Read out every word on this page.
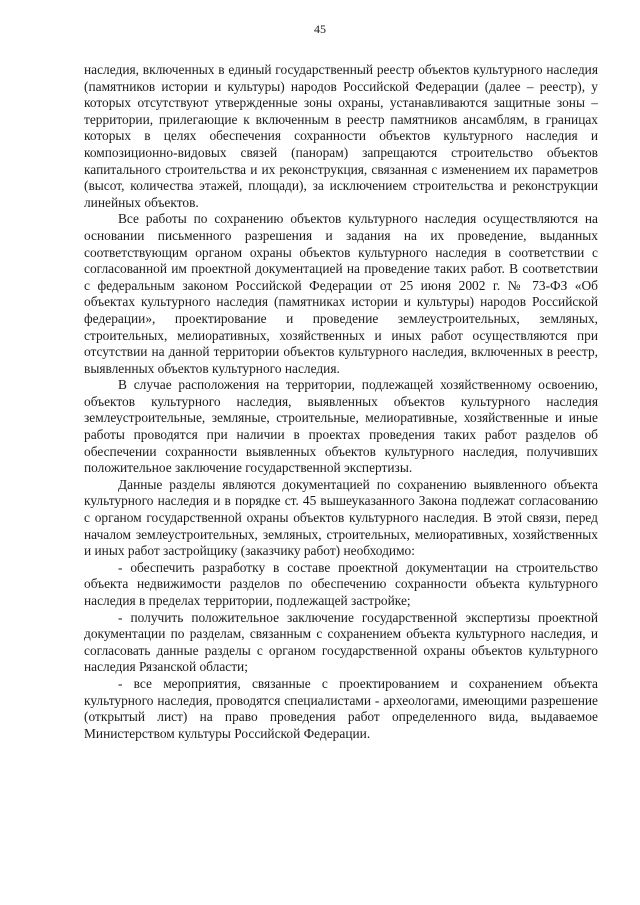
45

наследия, включенных в единый государственный реестр объектов культурного наследия (памятников истории и культуры) народов Российской Федерации (далее – реестр), у которых отсутствуют утвержденные зоны охраны, устанавливаются защитные зоны – территории, прилегающие к включенным в реестр памятников ансамблям, в границах которых в целях обеспечения сохранности объектов культурного наследия и композиционно-видовых связей (панорам) запрещаются строительство объектов капитального строительства и их реконструкция, связанная с изменением их параметров (высот, количества этажей, площади), за исключением строительства и реконструкции линейных объектов.

Все работы по сохранению объектов культурного наследия осуществляются на основании письменного разрешения и задания на их проведение, выданных соответствующим органом охраны объектов культурного наследия в соответствии с согласованной им проектной документацией на проведение таких работ. В соответствии с федеральным законом Российской Федерации от 25 июня 2002 г. № 73-ФЗ «Об объектах культурного наследия (памятниках истории и культуры) народов Российской федерации», проектирование и проведение землеустроительных, земляных, строительных, мелиоративных, хозяйственных и иных работ осуществляются при отсутствии на данной территории объектов культурного наследия, включенных в реестр, выявленных объектов культурного наследия.

В случае расположения на территории, подлежащей хозяйственному освоению, объектов культурного наследия, выявленных объектов культурного наследия землеустроительные, земляные, строительные, мелиоративные, хозяйственные и иные работы проводятся при наличии в проектах проведения таких работ разделов об обеспечении сохранности выявленных объектов культурного наследия, получивших положительное заключение государственной экспертизы.

Данные разделы являются документацией по сохранению выявленного объекта культурного наследия и в порядке ст. 45 вышеуказанного Закона подлежат согласованию с органом государственной охраны объектов культурного наследия. В этой связи, перед началом землеустроительных, земляных, строительных, мелиоративных, хозяйственных и иных работ застройщику (заказчику работ) необходимо:

- обеспечить разработку в составе проектной документации на строительство объекта недвижимости разделов по обеспечению сохранности объекта культурного наследия в пределах территории, подлежащей застройке;

- получить положительное заключение государственной экспертизы проектной документации по разделам, связанным с сохранением объекта культурного наследия, и согласовать данные разделы с органом государственной охраны объектов культурного наследия Рязанской области;

- все мероприятия, связанные с проектированием и сохранением объекта культурного наследия, проводятся специалистами - археологами, имеющими разрешение (открытый лист) на право проведения работ определенного вида, выдаваемое Министерством культуры Российской Федерации.
